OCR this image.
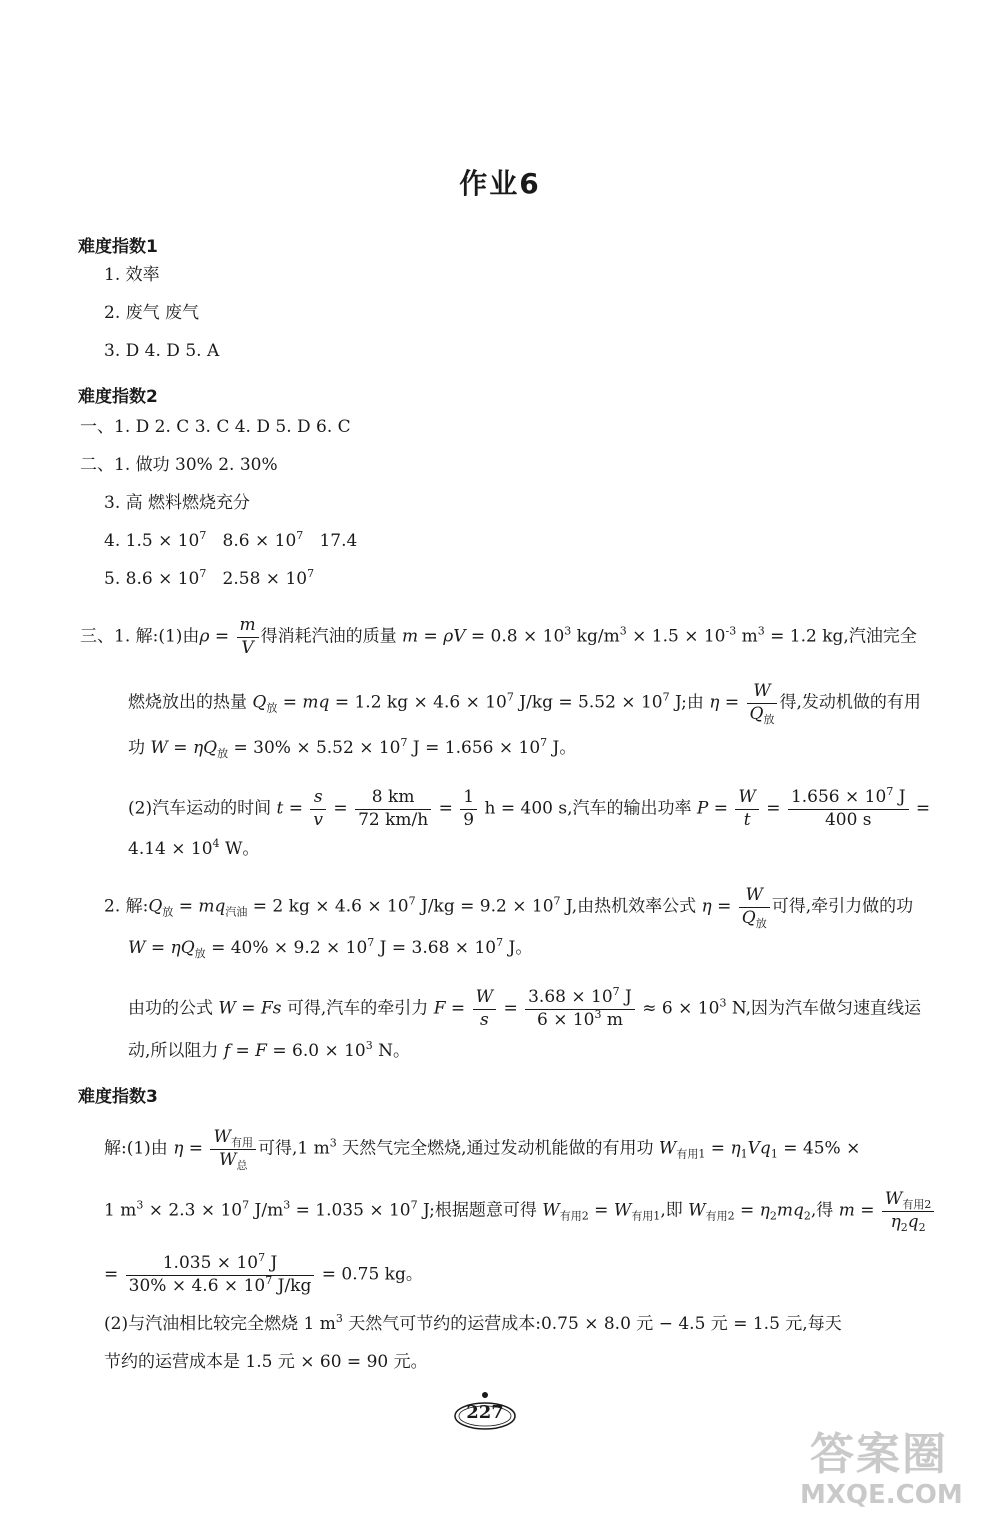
作业6
难度指数1
1. 效率
2. 废气 废气
3. D 4. D 5. A
难度指数2
一、1. D 2. C 3. C 4. D 5. D 6. C
二、1. 做功 30% 2. 30%
3. 高 燃料燃烧充分
4. $1.5 \times 10^7$   $8.6 \times 10^7$   17.4
5. $8.6 \times 10^7$   $2.58 \times 10^7$
三、1. 解:(1)由$\rho = \frac{m}{V}$ 得消耗汽油的质量 $m = \rho V = 0.8 \times 10^3$ $kg/m^3 \times 1.5 \times 10^{-3}$ $m^3 = 1.2$ kg,汽油完全
燃烧放出的热量 $Q_放$ = mq = 1.2 kg × $4.6 \times 10^7$ $J/kg = 5.52 \times 10^7$ J;由 η =
W
$Q_放$
得,发动机做的有用
功 $W = \eta Q_放 = 30\% \times 5.52 \times 10^7$ $J = 1.656 \times 10^7$ J。
(2)汽车运动的时间 $t = \frac{s}{v} = \frac{8 km}{72 km/h} = \frac{1}{9}$ h = 400 s,汽车的输出功率 $P = \frac{W}{t} = \frac{1.656 \times 10^7 J}{400 s}$ =
$4.14 \times 10^4$ W。
2. 解$:Q_放 = mq_{汽油} = 2$ kg × $4.6 \times 10^7$ $J/kg = 9.2 \times 10^7$ J,由热机效率公式 η =
W
$Q_放$
可得,牵引力做的功
$W = \eta Q_放 = 40\% \times 9.2 \times 10^7$ $J = 3.68 \times 10^7$ J。
由功的公式 W = Fs 可得,汽车的牵引力 $F = \frac{W}{s} = \frac{3.68 \times 10^7 J}{6 \times 10^3 m} \approx 6 \times 10^3$ N,因为汽车做匀速直线运
动,所以阻力 $f = F = 6.0 \times 10^3$ N。
难度指数3
解:(1)由 η =
$W_{有用}$
$W_总$
可得,1 $m^3$ 天然气完全燃烧,通过发动机能做的有用功 $W_{有用1} = \eta_1Vq_1 = 45\%$ ×
1 $m^3 \times 2.3 \times 10^7$ $J/m^3 = 1.035 \times 10^7$ J;根据题意可得 $W_{有用2} = W_{有用1}$,即 $W_{有用2} = \eta_2mq_2$,得 m =
$W_{有用2}$
$\eta_2q_2$
= $\frac{1.035 \times 10^7 J}{30\% \times 4.6 \times 10^7 J/kg} = 0.75$ kg。
(2)与汽油相比较完全燃烧 1 $m^3$ 天然气可节约的运营成本:0.75 × 8.0 元 − 4.5 元 = 1.5 元,每天
节约的运营成本是 1.5 元 × 60 = 90 元。
227
答案圈
MXQE.COM
